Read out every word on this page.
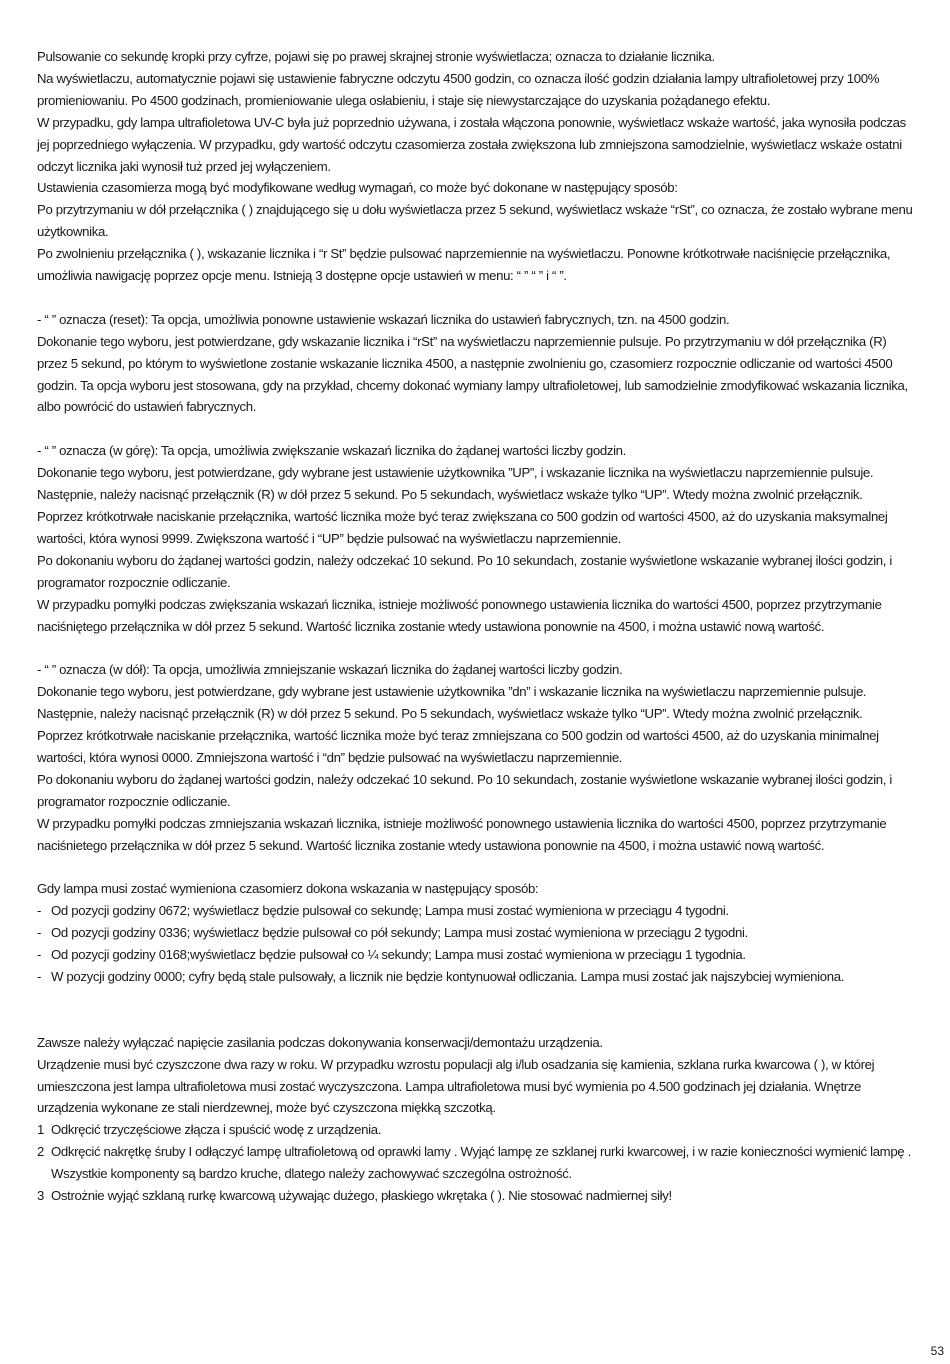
Pulsowanie co sekundę kropki przy cyfrze, pojawi się po prawej skrajnej stronie wyświetlacza; oznacza to działanie licznika.

Na wyświetlaczu, automatycznie pojawi się ustawienie fabryczne odczytu 4500 godzin, co oznacza ilość godzin działania lampy ultrafioletowej przy 100% promieniowaniu. Po 4500 godzinach, promieniowanie ulega osłabieniu, i staje się niewystarczające do uzyskania pożądanego efektu.

W przypadku, gdy lampa ultrafioletowa UV-C była już poprzednio używana, i została włączona ponownie, wyświetlacz wskaże wartość, jaka wynosiła podczas jej poprzedniego wyłączenia. W przypadku, gdy wartość odczytu czasomierza została zwiększona lub zmniejszona samodzielnie, wyświetlacz wskaże ostatni odczyt licznika jaki wynosił tuż przed jej wyłączeniem.

Ustawienia czasomierza mogą być modyfikowane według wymagań, co może być dokonane w następujący sposób:

Po przytrzymaniu w dół przełącznika ( ) znajdującego się u dołu wyświetlacza przez 5 sekund, wyświetlacz wskaże “rSt”, co oznacza, że zostało wybrane menu użytkownika.

Po zwolnieniu przełącznika ( ), wskazanie licznika i “r St” będzie pulsować naprzemiennie na wyświetlaczu. Ponowne krótkotrwałe naciśnięcie przełącznika, umożliwia nawigację poprzez opcje menu. Istnieją 3 dostępne opcje ustawień w menu: “ ” “ ” i “ ”.

- “ ” oznacza (reset): Ta opcja, umożliwia ponowne ustawienie wskazań licznika do ustawień fabrycznych, tzn. na 4500 godzin.

Dokonanie tego wyboru, jest potwierdzane, gdy wskazanie licznika i “rSt” na wyświetlaczu naprzemiennie pulsuje. Po przytrzymaniu w dół przełącznika (R) przez 5 sekund, po którym to wyświetlone zostanie wskazanie licznika 4500, a następnie zwolnieniu go, czasomierz rozpocznie odliczanie od wartości 4500 godzin. Ta opcja wyboru jest stosowana, gdy na przykład, chcemy dokonać wymiany lampy ultrafioletowej, lub samodzielnie zmodyfikować wskazania licznika, albo powrócić do ustawień fabrycznych.

- “ ” oznacza (w górę): Ta opcja, umożliwia zwiększanie wskazań licznika do żądanej wartości liczby godzin.

Dokonanie tego wyboru, jest potwierdzane, gdy wybrane jest ustawienie użytkownika ”UP”, i wskazanie licznika na wyświetlaczu naprzemiennie pulsuje. Następnie, należy nacisnąć przełącznik (R) w dół przez 5 sekund. Po 5 sekundach, wyświetlacz wskaże tylko “UP”. Wtedy można zwolnić przełącznik.

Poprzez krótkotrwałe naciskanie przełącznika, wartość licznika może być teraz zwiększana co 500 godzin od wartości 4500, aż do uzyskania maksymalnej wartości, która wynosi 9999. Zwiększona wartość i “UP” będzie pulsować na wyświetlaczu naprzemiennie.

Po dokonaniu wyboru do żądanej wartości godzin, należy odczekać 10 sekund. Po 10 sekundach, zostanie wyświetlone wskazanie wybranej ilości godzin, i programator rozpocznie odliczanie.

W przypadku pomyłki podczas zwiększania wskazań licznika, istnieje możliwość ponownego ustawienia licznika do wartości 4500, poprzez przytrzymanie naciśniętego przełącznika w dół przez 5 sekund. Wartość licznika zostanie wtedy ustawiona ponownie na 4500, i można ustawić nową wartość.

- “ ” oznacza (w dół): Ta opcja, umożliwia zmniejszanie wskazań licznika do żądanej wartości liczby godzin.

Dokonanie tego wyboru, jest potwierdzane, gdy wybrane jest ustawienie użytkownika ”dn” i wskazanie licznika na wyświetlaczu naprzemiennie pulsuje. Następnie, należy nacisnąć przełącznik (R) w dół przez 5 sekund. Po 5 sekundach, wyświetlacz wskaże tylko “UP”. Wtedy można zwolnić przełącznik.

Poprzez krótkotrwałe naciskanie przełącznika, wartość licznika może być teraz zmniejszana co 500 godzin od wartości 4500, aż do uzyskania minimalnej wartości, która wynosi 0000. Zmniejszona wartość i “dn” będzie pulsować na wyświetlaczu naprzemiennie.

Po dokonaniu wyboru do żądanej wartości godzin, należy odczekać 10 sekund. Po 10 sekundach, zostanie wyświetlone wskazanie wybranej ilości godzin, i programator rozpocznie odliczanie.

W przypadku pomyłki podczas zmniejszania wskazań licznika, istnieje możliwość ponownego ustawienia licznika do wartości 4500, poprzez przytrzymanie naciśnietego przełącznika w dół przez 5 sekund. Wartość licznika zostanie wtedy ustawiona ponownie na 4500, i można ustawić nową wartość.

Gdy lampa musi zostać wymieniona czasomierz dokona wskazania w następujący sposób:

- Od pozycji godziny 0672; wyświetlacz będzie pulsował co sekundę; Lampa musi zostać wymieniona w przeciągu 4 tygodni.
- Od pozycji godziny 0336; wyświetlacz będzie pulsował co pół sekundy; Lampa musi zostać wymieniona w przeciągu 2 tygodni.
- Od pozycji godziny 0168;wyświetlacz będzie pulsował co ¼ sekundy; Lampa musi zostać wymieniona w przeciągu 1 tygodnia.
- W pozycji godziny 0000; cyfry będą stale pulsowały, a licznik nie będzie kontynuował odliczania. Lampa musi zostać jak najszybciej wymieniona.

Zawsze należy wyłączać napięcie zasilania podczas dokonywania konserwacji/demontażu urządzenia.

Urządzenie musi być czyszczone dwa razy w roku. W przypadku wzrostu populacji alg i/lub osadzania się kamienia, szklana rurka kwarcowa ( ), w której umieszczona jest lampa ultrafioletowa musi zostać wyczyszczona. Lampa ultrafioletowa musi być wymienia po 4.500 godzinach jej działania. Wnętrze urządzenia wykonane ze stali nierdzewnej, może być czyszczona miękką szczotką.

1 Odkręcić trzyczęściowe złącza i spuścić wodę z urządzenia.
2 Odkręcić nakrętkę śruby I odłączyć lampę ultrafioletową od oprawki lamy . Wyjąć lampę ze szklanej rurki kwarcowej, i w razie konieczności wymienić lampę . Wszystkie komponenty są bardzo kruche, dlatego należy zachowywać szczególna ostrożność.
3 Ostrożnie wyjąć szklaną rurkę kwarcową używając dużego, płaskiego wkrętaka ( ). Nie stosować nadmiernej siły!
53
